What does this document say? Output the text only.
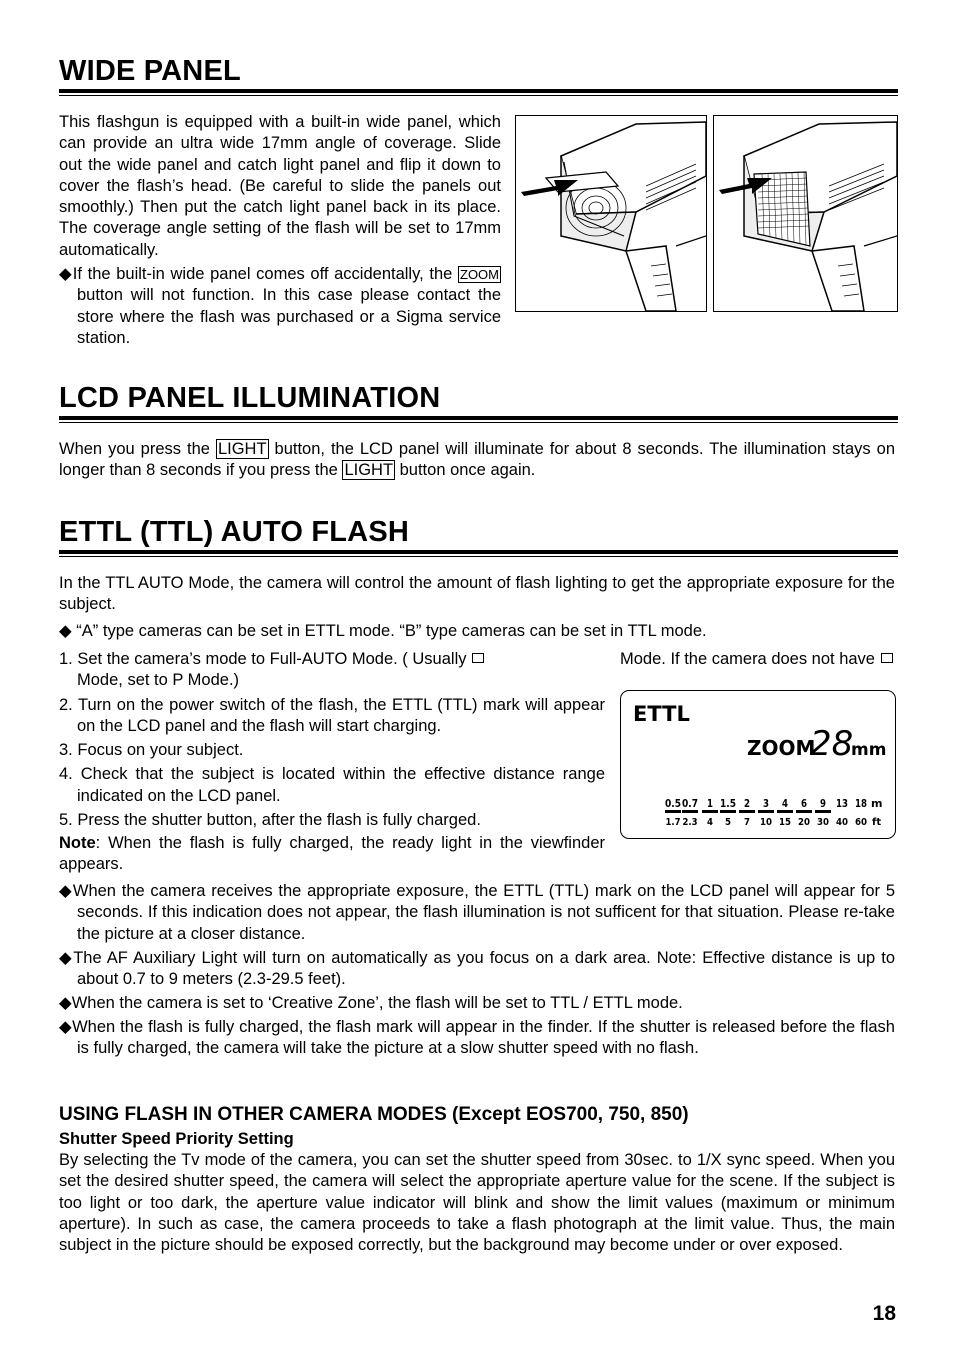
WIDE PANEL

This flashgun is equipped with a built-in wide panel, which can provide an ultra wide 17mm angle of coverage. Slide out the wide panel and catch light panel and flip it down to cover the flash’s head. (Be careful to slide the panels out smoothly.) Then put the catch light panel back in its place. The coverage angle setting of the flash will be set to 17mm automatically.

◆If the built-in wide panel comes off accidentally, the ZOOM button will not function. In this case please contact the store where the flash was purchased or a Sigma service station.

LCD PANEL ILLUMINATION

When you press the LIGHT button, the LCD panel will illuminate for about 8 seconds. The illumination stays on longer than 8 seconds if you press the LIGHT button once again.

ETTL (TTL) AUTO FLASH

In the TTL AUTO Mode, the camera will control the amount of flash lighting to get the appropriate exposure for the subject.

◆ “A” type cameras can be set in ETTL mode. “B” type cameras can be set in TTL mode.

1. Set the camera’s mode to Full-AUTO Mode. ( Usually	Mode. If the camera does not have
Mode, set to P Mode.)
2. Turn on the power switch of the flash, the ETTL (TTL) mark will appear on the LCD panel and the flash will start charging.
3. Focus on your subject.
4. Check that the subject is located within the effective distance range indicated on the LCD panel.
5. Press the shutter button, after the flash is fully charged.

Note: When the flash is fully charged, the ready light in the viewfinder appears.

ETTL
ZOOM
28
mm
0.5 0.7 1 1.5 2 3 4 6 9 13 18
1.7 2.3 4 5 7 10 15 20 30 40 60
m
ft

◆When the camera receives the appropriate exposure, the ETTL (TTL) mark on the LCD panel will appear for 5 seconds. If this indication does not appear, the flash illumination is not sufficent for that situation. Please re-take the picture at a closer distance.

◆The AF Auxiliary Light will turn on automatically as you focus on a dark area. Note: Effective distance is up to about 0.7 to 9 meters (2.3-29.5 feet).

◆When the camera is set to ‘Creative Zone’, the flash will be set to TTL / ETTL mode.

◆When the flash is fully charged, the flash mark will appear in the finder. If the shutter is released before the flash is fully charged, the camera will take the picture at a slow shutter speed with no flash.

USING FLASH IN OTHER CAMERA MODES (Except EOS700, 750, 850)
Shutter Speed Priority Setting

By selecting the Tv mode of the camera, you can set the shutter speed from 30sec. to 1/X sync speed. When you set the desired shutter speed, the camera will select the appropriate aperture value for the scene. If the subject is too light or too dark, the aperture value indicator will blink and show the limit values (maximum or minimum aperture). In such as case, the camera proceeds to take a flash photograph at the limit value. Thus, the main subject in the picture should be exposed correctly, but the background may become under or over exposed.

18
